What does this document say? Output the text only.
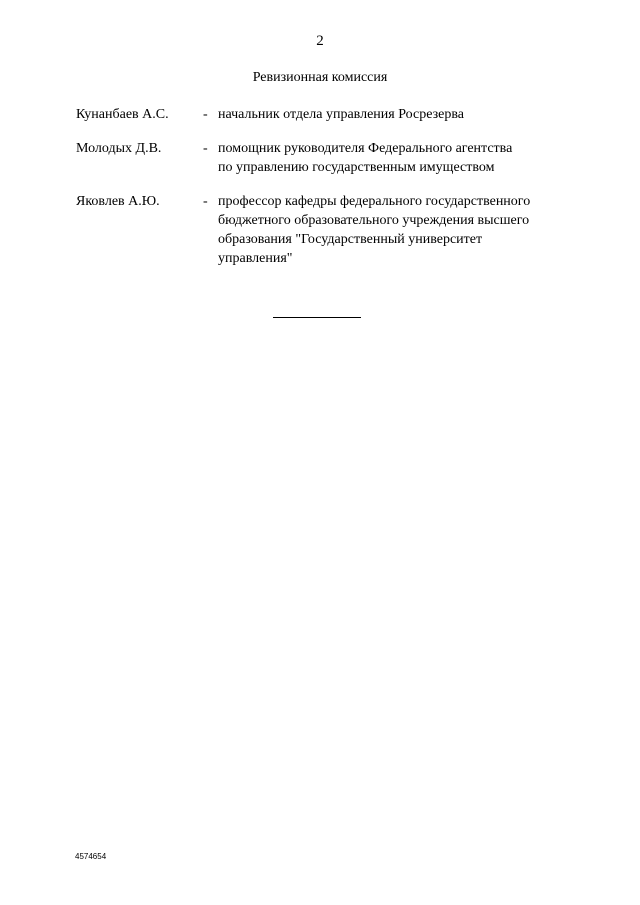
2
Ревизионная комиссия
Кунанбаев А.С. - начальник отдела управления Росрезерва
Молодых Д.В.	- помощник руководителя Федерального агентства
по управлению государственным имуществом
Яковлев А.Ю.	- профессор кафедры федерального государственного
бюджетного образовательного учреждения высшего
образования "Государственный университет
управления"
4574654
